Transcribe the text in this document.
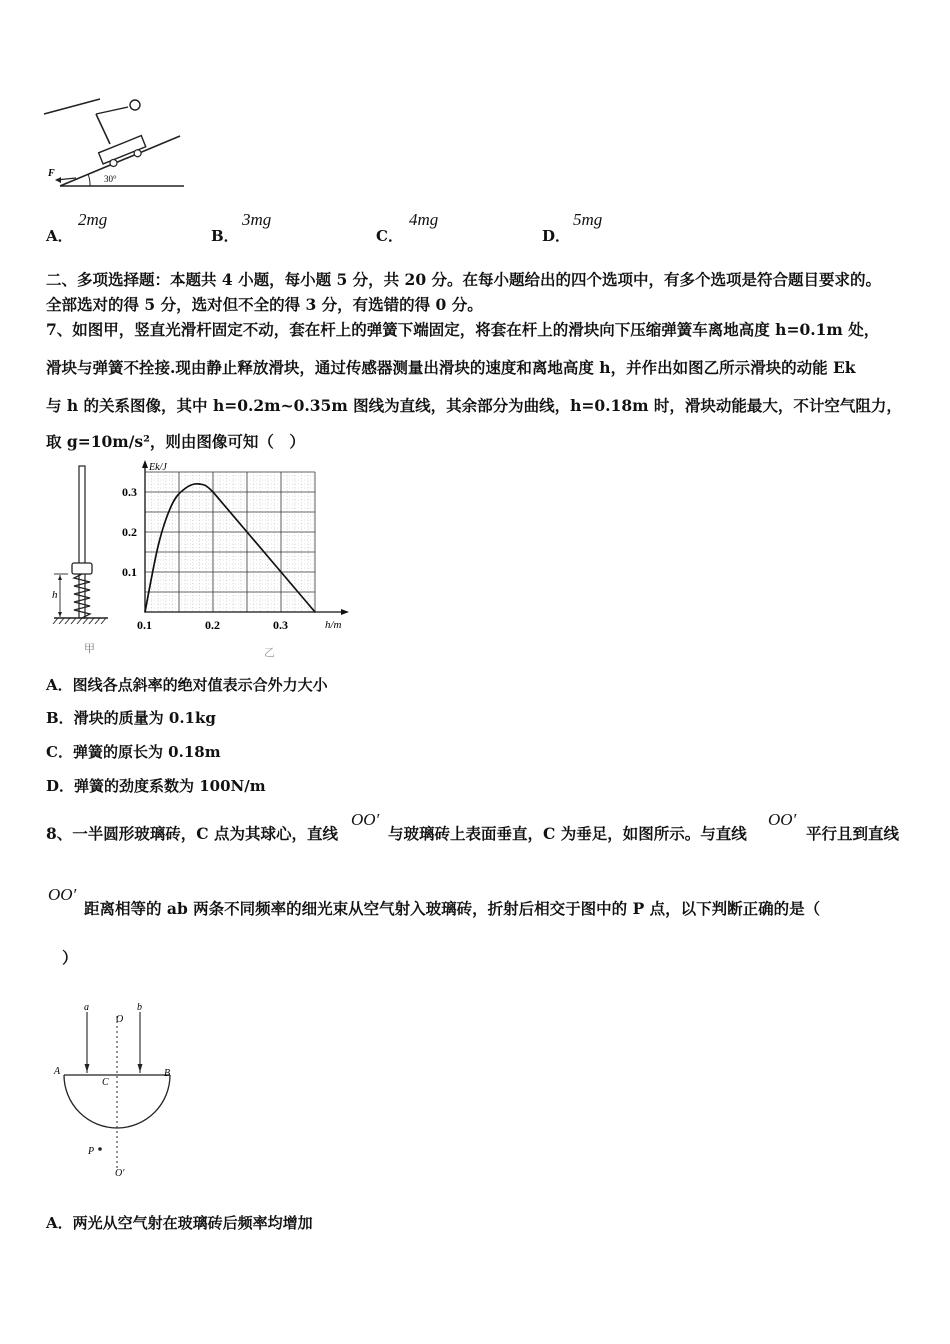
F	30°
A．
2mg
B．
3mg
C．
4mg
D．
5mg
二、多项选择题：本题共 4 小题，每小题 5 分，共 20 分。在每小题给出的四个选项中，有多个选项是符合题目要求的。
全部选对的得 5 分，选对但不全的得 3 分，有选错的得 0 分。
7、如图甲，竖直光滑杆固定不动，套在杆上的弹簧下端固定，将套在杆上的滑块向下压缩弹簧车离地高度 h=0.1m 处，
滑块与弹簧不拴接.现由静止释放滑块，通过传感器测量出滑块的速度和离地高度 h，并作出如图乙所示滑块的动能 Ek
与 h 的关系图像，其中 h=0.2m~0.35m 图线为直线，其余部分为曲线，h=0.18m 时，滑块动能最大，不计空气阻力，
取 g=10m/s²，则由图像可知（　）
h
甲
0.1	0.2	0.3
0.1
0.2
0.3
h/m
Ek/J
乙
A．图线各点斜率的绝对值表示合外力大小
B．滑块的质量为 0.1kg
C．弹簧的原长为 0.18m
D．弹簧的劲度系数为 100N/m
8、一半圆形玻璃砖，C 点为其球心，直线
OO′
与玻璃砖上表面垂直，C 为垂足，如图所示。与直线
OO′
平行且到直线
OO′
距离相等的 ab 两条不同频率的细光束从空气射入玻璃砖，折射后相交于图中的 P 点，以下判断正确的是（
）
a	b
O
A	B
C
P
O′
A．两光从空气射在玻璃砖后频率均增加
